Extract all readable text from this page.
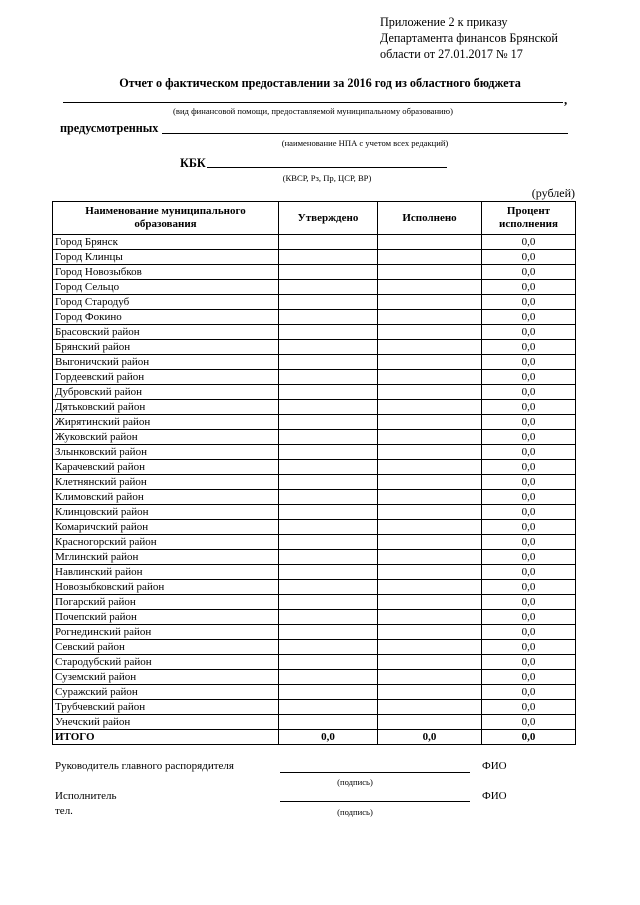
Приложение 2 к приказу
Департамента финансов Брянской
области от 27.01.2017 № 17
Отчет о фактическом предоставлении за 2016 год из областного бюджета
,
(вид финансовой помощи, предоставляемой муниципальному образованию)
предусмотренных
(наименование НПА с учетом всех редакций)
КБК
(КВСР, Рз, Пр, ЦСР, ВР)
(рублей)
Наименование муниципального образования	Утверждено	Исполнено	Процент исполнения
Город Брянск			0,0
Город Клинцы			0,0
Город Новозыбков			0,0
Город Сельцо			0,0
Город Стародуб			0,0
Город Фокино			0,0
Брасовский район			0,0
Брянский район			0,0
Выгоничский район			0,0
Гордеевский район			0,0
Дубровский район			0,0
Дятьковский район			0,0
Жирятинский район			0,0
Жуковский район			0,0
Злынковский район			0,0
Карачевский район			0,0
Клетнянский район			0,0
Климовский район			0,0
Клинцовский район			0,0
Комаричский район			0,0
Красногорский район			0,0
Мглинский район			0,0
Навлинский район			0,0
Новозыбковский район			0,0
Погарский район			0,0
Почепский район			0,0
Рогнединский район			0,0
Севский район			0,0
Стародубский район			0,0
Суземский район			0,0
Суражский район			0,0
Трубчевский район			0,0
Унечский район			0,0
ИТОГО	0,0	0,0	0,0
Руководитель главного распорядителя	ФИО
(подпись)
Исполнитель	ФИО
тел.	(подпись)
